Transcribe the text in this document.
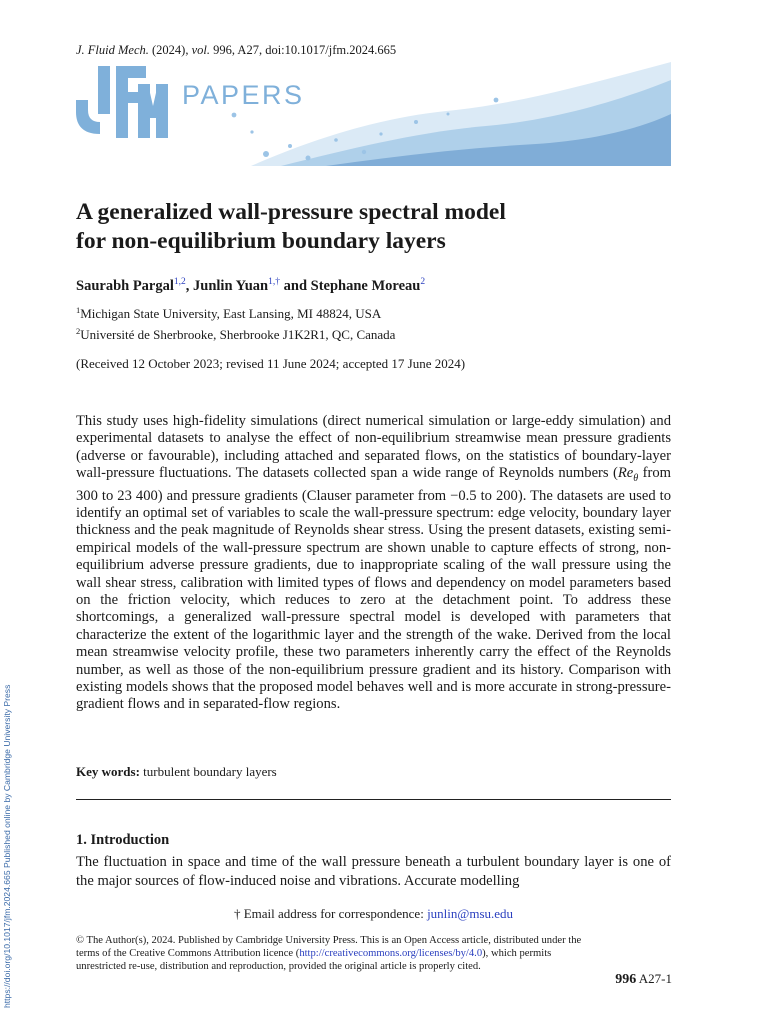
J. Fluid Mech. (2024), vol. 996, A27, doi:10.1017/jfm.2024.665
PAPERS
A generalized wall-pressure spectral model
for non-equilibrium boundary layers
Saurabh Pargal$^{1,2}$, Junlin Yuan$^{1,\dagger}$ and Stephane Moreau$^2$
$^1$Michigan State University, East Lansing, MI 48824, USA
$^2$Université de Sherbrooke, Sherbrooke J1K2R1, QC, Canada
(Received 12 October 2023; revised 11 June 2024; accepted 17 June 2024)

This study uses high-fidelity simulations (direct numerical simulation or large-eddy simulation) and experimental datasets to analyse the effect of non-equilibrium streamwise mean pressure gradients (adverse or favourable), including attached and separated flows, on the statistics of boundary-layer wall-pressure fluctuations. The datasets collected span a wide range of Reynolds numbers ($Re_\theta$ from 300 to 23 400) and pressure gradients (Clauser parameter from −0.5 to 200). The datasets are used to identify an optimal set of variables to scale the wall-pressure spectrum: edge velocity, boundary layer thickness and the peak magnitude of Reynolds shear stress. Using the present datasets, existing semi-empirical models of the wall-pressure spectrum are shown unable to capture effects of strong, non-equilibrium adverse pressure gradients, due to inappropriate scaling of the wall pressure using the wall shear stress, calibration with limited types of flows and dependency on model parameters based on the friction velocity, which reduces to zero at the detachment point. To address these shortcomings, a generalized wall-pressure spectral model is developed with parameters that characterize the extent of the logarithmic layer and the strength of the wake. Derived from the local mean streamwise velocity profile, these two parameters inherently carry the effect of the Reynolds number, as well as those of the non-equilibrium pressure gradient and its history. Comparison with existing models shows that the proposed model behaves well and is more accurate in strong-pressure-gradient flows and in separated-flow regions.

Key words: turbulent boundary layers
1. Introduction

The fluctuation in space and time of the wall pressure beneath a turbulent boundary layer is one of the major sources of flow-induced noise and vibrations. Accurate modelling

† Email address for correspondence: junlin@msu.edu

© The Author(s), 2024. Published by Cambridge University Press. This is an Open Access article, distributed under the terms of the Creative Commons Attribution licence (http://creativecommons.org/licenses/by/4.0), which permits unrestricted re-use, distribution and reproduction, provided the original article is properly cited.

996 A27-1
https://doi.org/10.1017/jfm.2024.665 Published online by Cambridge University Press
